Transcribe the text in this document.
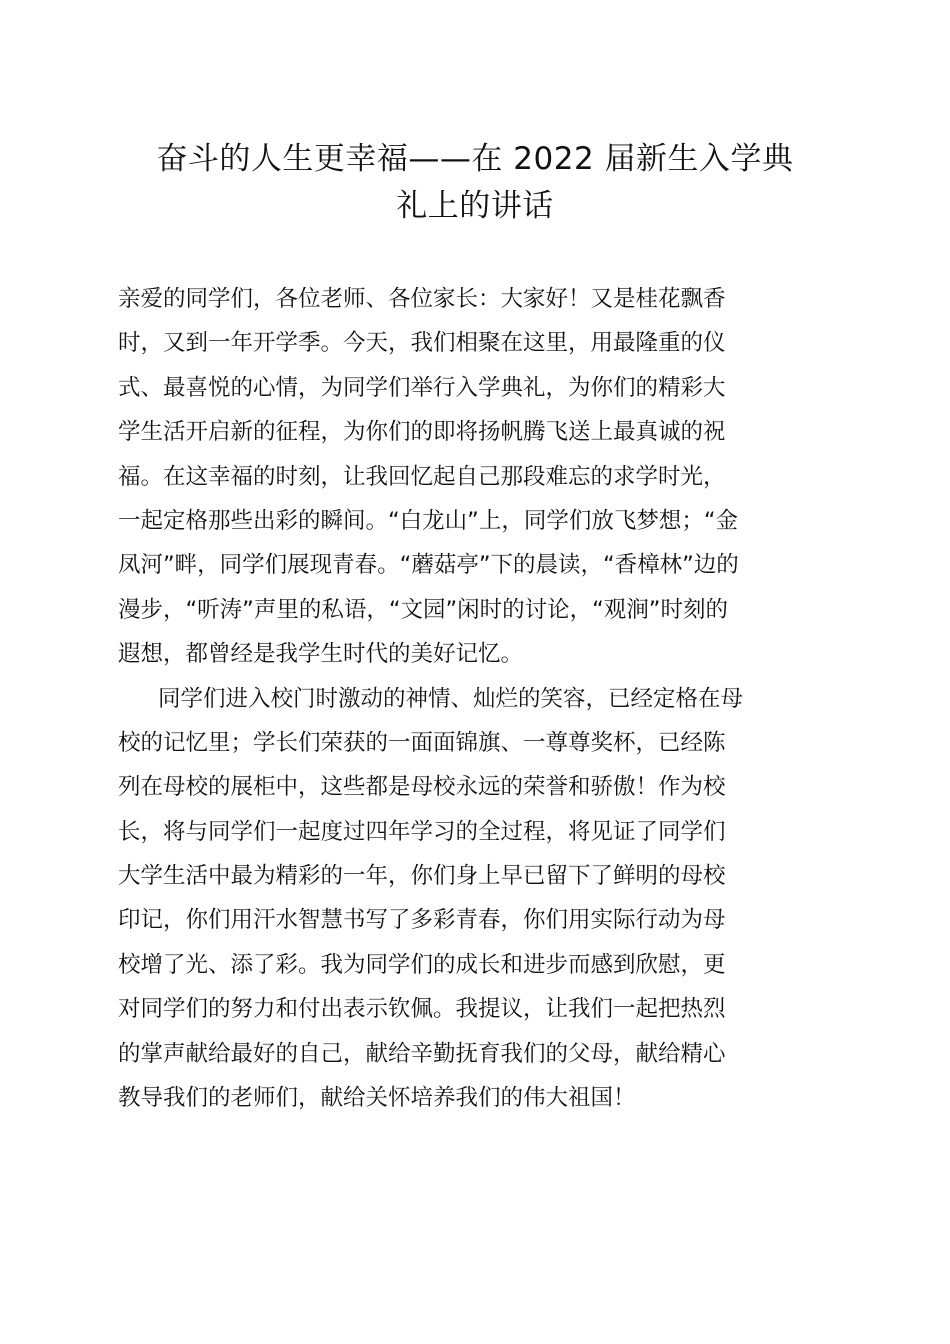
奋斗的人生更幸福——在 2022 届新生入学典
礼上的讲话
亲爱的同学们，各位老师、各位家长：大家好！又是桂花飘香
时，又到一年开学季。今天，我们相聚在这里，用最隆重的仪
式、最喜悦的心情，为同学们举行入学典礼，为你们的精彩大
学生活开启新的征程，为你们的即将扬帆腾飞送上最真诚的祝
福。在这幸福的时刻，让我回忆起自己那段难忘的求学时光，
一起定格那些出彩的瞬间。“白龙山”上，同学们放飞梦想；“金
凤河”畔，同学们展现青春。“蘑菇亭”下的晨读，“香樟林”边的
漫步，“听涛”声里的私语，“文园”闲时的讨论，“观涧”时刻的
遐想，都曾经是我学生时代的美好记忆。
同学们进入校门时激动的神情、灿烂的笑容，已经定格在母
校的记忆里；学长们荣获的一面面锦旗、一尊尊奖杯，已经陈
列在母校的展柜中，这些都是母校永远的荣誉和骄傲！作为校
长，将与同学们一起度过四年学习的全过程，将见证了同学们
大学生活中最为精彩的一年，你们身上早已留下了鲜明的母校
印记，你们用汗水智慧书写了多彩青春，你们用实际行动为母
校增了光、添了彩。我为同学们的成长和进步而感到欣慰，更
对同学们的努力和付出表示钦佩。我提议，让我们一起把热烈
的掌声献给最好的自己，献给辛勤抚育我们的父母，献给精心
教导我们的老师们，献给关怀培养我们的伟大祖国！
